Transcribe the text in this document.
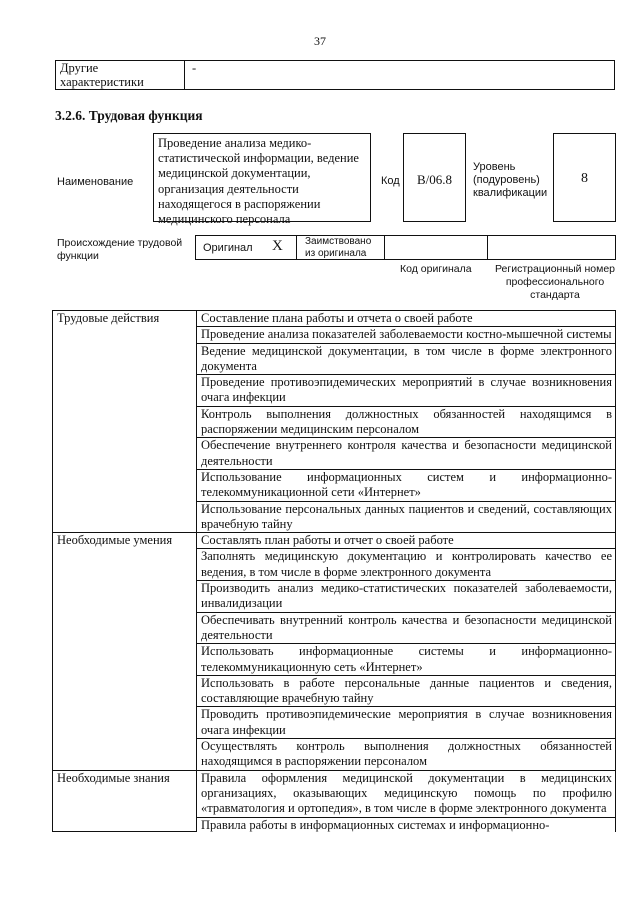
37
Другие характеристики
-
3.2.6. Трудовая функция
Наименование
Проведение анализа медико-статистической информации, ведение медицинской документации, организация деятельности находящегося в распоряжении медицинского персонала
Код	B/06.8
Уровень
(подуровень)
квалификации
8
Происхождение трудовой
функции
Оригинал X Заимствовано
из оригинала
Код оригинала	Регистрационный номер профессионального стандарта
Трудовые действия	Составление плана работы и отчета о своей работе
	Проведение анализа показателей заболеваемости костно-мышечной системы
	Ведение медицинской документации, в том числе в форме электронного документа
	Проведение противоэпидемических мероприятий в случае возникновения очага инфекции
	Контроль выполнения должностных обязанностей находящимся в распоряжении медицинским персоналом
	Обеспечение внутреннего контроля качества и безопасности медицинской деятельности
	Использование информационных систем и информационно-телекоммуникационной сети «Интернет»
	Использование персональных данных пациентов и сведений, составляющих врачебную тайну
Необходимые умения	Составлять план работы и отчет о своей работе
	Заполнять медицинскую документацию и контролировать качество ее ведения, в том числе в форме электронного документа
	Производить анализ медико-статистических показателей заболеваемости, инвалидизации
	Обеспечивать внутренний контроль качества и безопасности медицинской деятельности
	Использовать информационные системы и информационно-телекоммуникационную сеть «Интернет»
	Использовать в работе персональные данные пациентов и сведения, составляющие врачебную тайну
	Проводить противоэпидемические мероприятия в случае возникновения очага инфекции
	Осуществлять контроль выполнения должностных обязанностей находящимся в распоряжении персоналом
Необходимые знания	Правила оформления медицинской документации в медицинских организациях, оказывающих медицинскую помощь по профилю «травматология и ортопедия», в том числе в форме электронного документа

	Правила работы в информационных системах и информационно-
